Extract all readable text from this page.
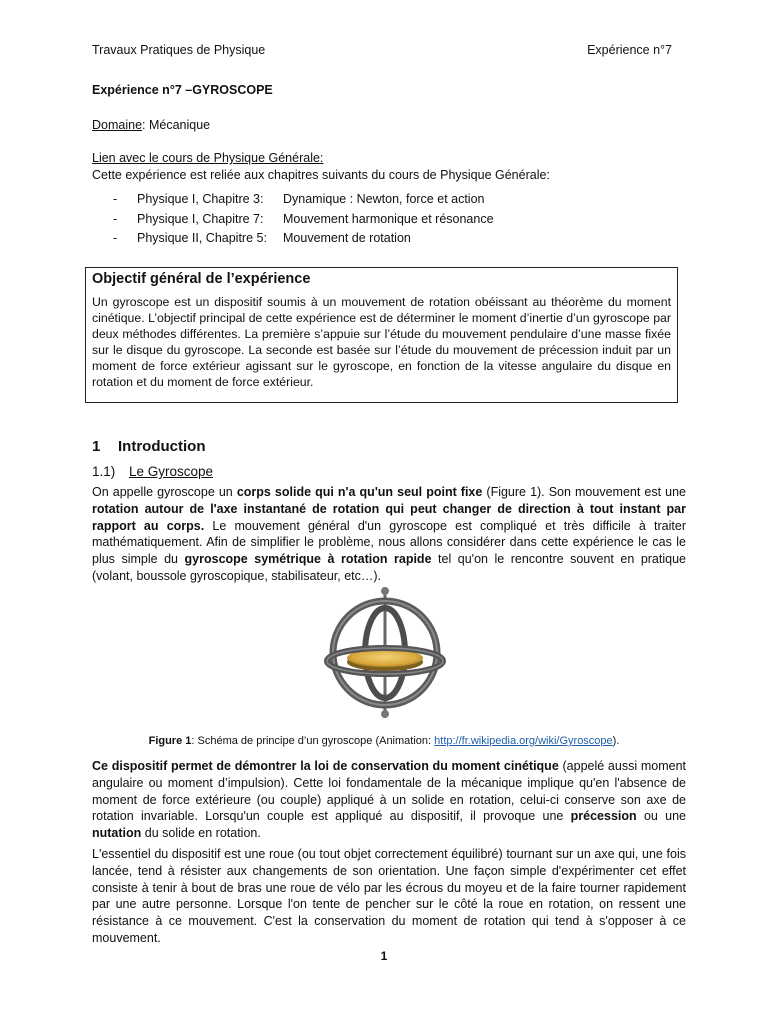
Travaux Pratiques de Physique	Expérience n°7
Expérience n°7 –GYROSCOPE
Domaine: Mécanique
Lien avec le cours de Physique Générale:
Cette expérience est reliée aux chapitres suivants du cours de Physique Générale:
-	Physique I, Chapitre 3:	Dynamique : Newton, force et action
-	Physique I, Chapitre 7:	Mouvement harmonique et résonance
-	Physique II, Chapitre 5:	Mouvement de rotation
Objectif général de l’expérience

Un gyroscope est un dispositif soumis à un mouvement de rotation obéissant au théorème du moment cinétique. L’objectif principal de cette expérience est de déterminer le moment d’inertie d’un gyroscope par deux méthodes différentes. La première s’appuie sur l’étude du mouvement pendulaire d’une masse fixée sur le disque du gyroscope. La seconde est basée sur l’étude du mouvement de précession induit par un moment de force extérieur agissant sur le gyroscope, en fonction de la vitesse angulaire du disque en rotation et du moment de force extérieur.

1 Introduction
1.1) Le Gyroscope

On appelle gyroscope un corps solide qui n'a qu'un seul point fixe (Figure 1). Son mouvement est une rotation autour de l'axe instantané de rotation qui peut changer de direction à tout instant par rapport au corps. Le mouvement général d'un gyroscope est compliqué et très difficile à traiter mathématiquement. Afin de simplifier le problème, nous allons considérer dans cette expérience le cas le plus simple du gyroscope symétrique à rotation rapide tel qu'on le rencontre souvent en pratique (volant, boussole gyroscopique, stabilisateur, etc…).

Figure 1: Schéma de principe d’un gyroscope (Animation: http://fr.wikipedia.org/wiki/Gyroscope).

Ce dispositif permet de démontrer la loi de conservation du moment cinétique (appelé aussi moment angulaire ou moment d’impulsion). Cette loi fondamentale de la mécanique implique qu'en l'absence de moment de force extérieure (ou couple) appliqué à un solide en rotation, celui-ci conserve son axe de rotation invariable. Lorsqu'un couple est appliqué au dispositif, il provoque une précession ou une nutation du solide en rotation.

L'essentiel du dispositif est une roue (ou tout objet correctement équilibré) tournant sur un axe qui, une fois lancée, tend à résister aux changements de son orientation. Une façon simple d'expérimenter cet effet consiste à tenir à bout de bras une roue de vélo par les écrous du moyeu et de la faire tourner rapidement par une autre personne. Lorsque l'on tente de pencher sur le côté la roue en rotation, on ressent une résistance à ce mouvement. C'est la conservation du moment de rotation qui tend à s'opposer à ce mouvement.

1
